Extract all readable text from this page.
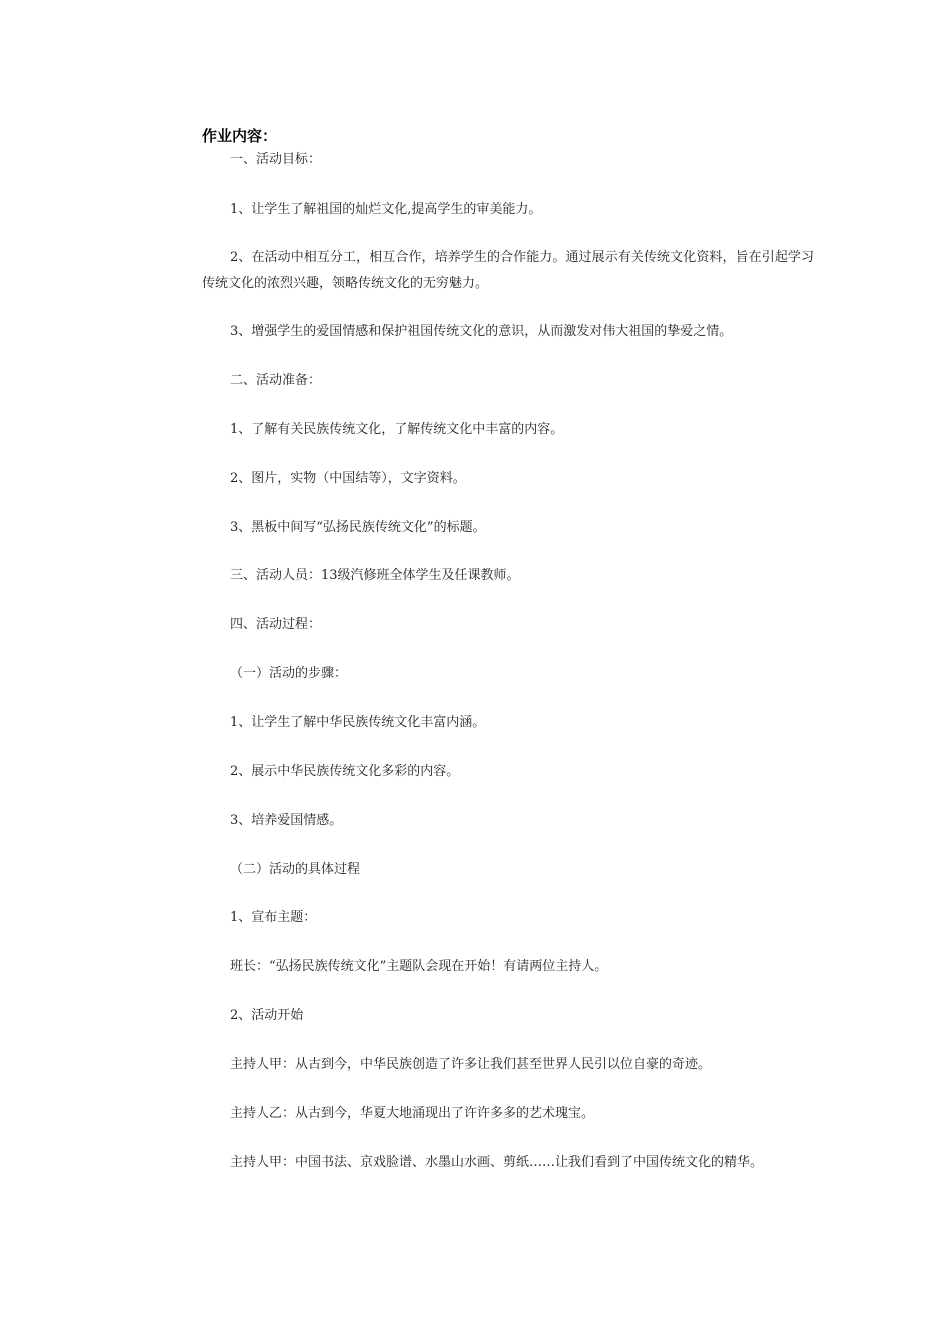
作业内容：
一、活动目标：
1、让学生了解祖国的灿烂文化,提高学生的审美能力。
2、在活动中相互分工，相互合作，培养学生的合作能力。通过展示有关传统文化资料，旨在引起学习传统文化的浓烈兴趣，领略传统文化的无穷魅力。
3、增强学生的爱国情感和保护祖国传统文化的意识，从而激发对伟大祖国的挚爱之情。
二、活动准备：
1、了解有关民族传统文化，了解传统文化中丰富的内容。
2、图片，实物（中国结等），文字资料。
3、黑板中间写“弘扬民族传统文化”的标题。
三、活动人员：13级汽修班全体学生及任课教师。
四、活动过程：
（一）活动的步骤：
1、让学生了解中华民族传统文化丰富内涵。
2、展示中华民族传统文化多彩的内容。
3、培养爱国情感。
（二）活动的具体过程
1、宣布主题：
班长：“弘扬民族传统文化”主题队会现在开始！有请两位主持人。
2、活动开始
主持人甲：从古到今，中华民族创造了许多让我们甚至世界人民引以位自豪的奇迹。
主持人乙：从古到今，华夏大地涌现出了许许多多的艺术瑰宝。
主持人甲：中国书法、京戏脸谱、水墨山水画、剪纸……让我们看到了中国传统文化的精华。
